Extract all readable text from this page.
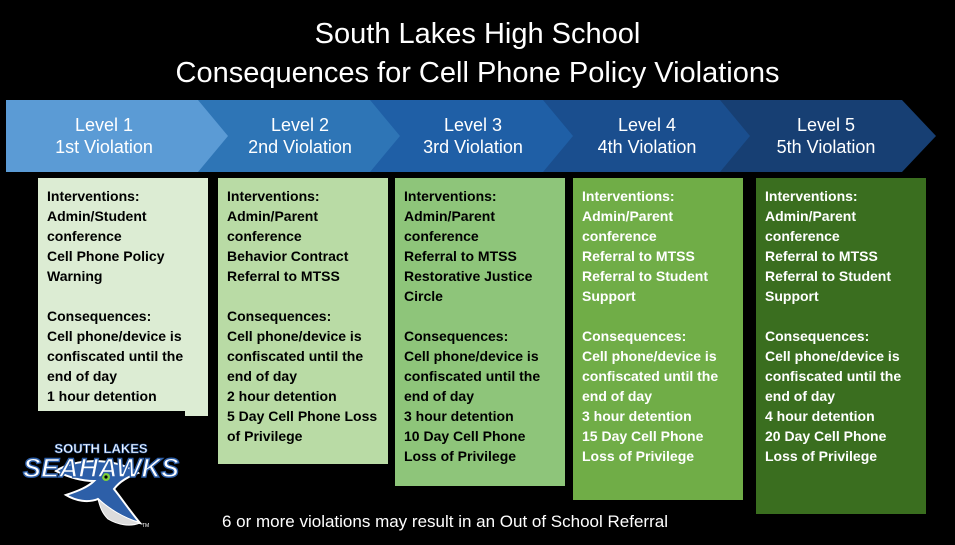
South Lakes High School
Consequences for Cell Phone Policy Violations
Level 1
1st Violation
Level 2
2nd Violation
Level 3
3rd Violation
Level 4
4th Violation
Level 5
5th Violation
Interventions:
Admin/Student
conference
Cell Phone Policy
Warning
Consequences:
Cell phone/device is
confiscated until the
end of day
1 hour detention
Interventions:
Admin/Parent
conference
Behavior Contract
Referral to MTSS
Consequences:
Cell phone/device is
confiscated until the
end of day
2 hour detention
5 Day Cell Phone Loss
of Privilege
Interventions:
Admin/Parent
conference
Referral to MTSS
Restorative Justice
Circle
Consequences:
Cell phone/device is
confiscated until the
end of day
3 hour detention
10 Day Cell Phone
Loss of Privilege
Interventions:
Admin/Parent
conference
Referral to MTSS
Referral to Student
Support
Consequences:
Cell phone/device is
confiscated until the
end of day
3 hour detention
15 Day Cell Phone
Loss of Privilege
Interventions:
Admin/Parent
conference
Referral to MTSS
Referral to Student
Support
Consequences:
Cell phone/device is
confiscated until the
end of day
4 hour detention
20 Day Cell Phone
Loss of Privilege
SOUTH LAKES
SEAHAWKS
TM	6 or more violations may result in an Out of School Referral
